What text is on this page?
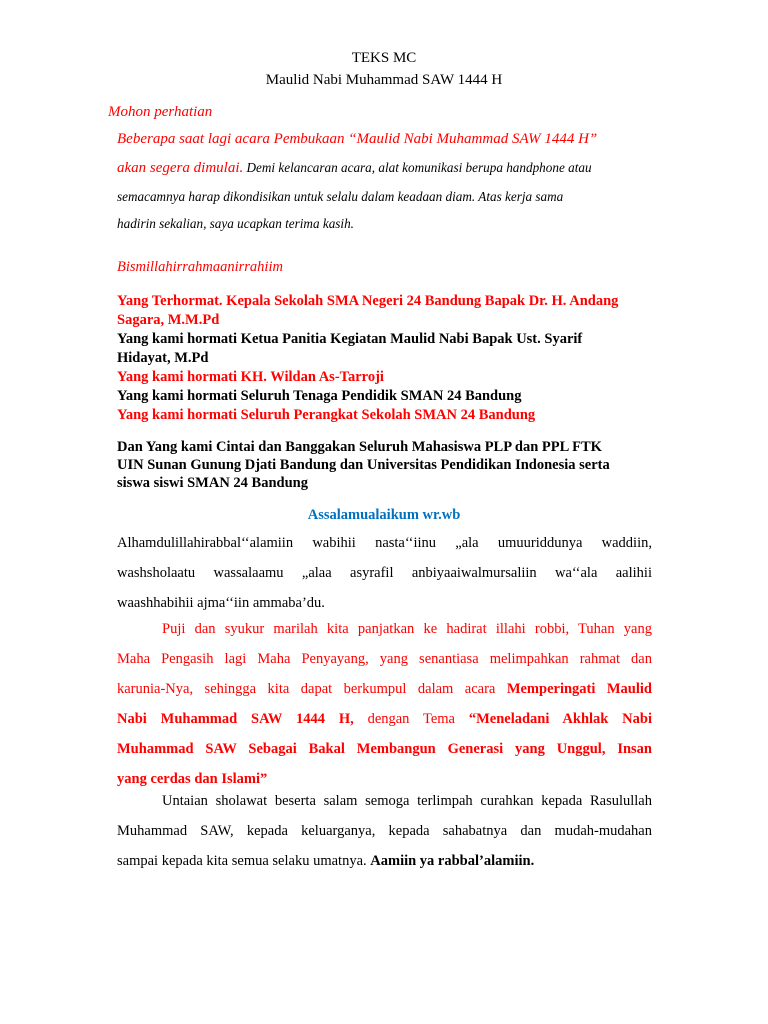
TEKS MC
Maulid Nabi Muhammad SAW 1444 H
Mohon perhatian
Beberapa saat lagi acara Pembukaan “Maulid Nabi Muhammad SAW 1444 H”
akan segera dimulai. Demi kelancaran acara, alat komunikasi berupa handphone atau
semacamnya harap dikondisikan untuk selalu dalam keadaan diam. Atas kerja sama
hadirin sekalian, saya ucapkan terima kasih.
Bismillahirrahmaanirrahiim
Yang Terhormat. Kepala Sekolah SMA Negeri 24 Bandung Bapak Dr. H. Andang
Sagara, M.M.Pd
Yang kami hormati Ketua Panitia Kegiatan Maulid Nabi Bapak Ust. Syarif
Hidayat, M.Pd
Yang kami hormati KH. Wildan As-Tarroji
Yang kami hormati Seluruh Tenaga Pendidik SMAN 24 Bandung
Yang kami hormati Seluruh Perangkat Sekolah SMAN 24 Bandung
Dan Yang kami Cintai dan Banggakan Seluruh Mahasiswa PLP dan PPL FTK
UIN Sunan Gunung Djati Bandung dan Universitas Pendidikan Indonesia serta
siswa siswi SMAN 24 Bandung
Assalamualaikum wr.wb
Alhamdulillahirabbal‘‘alamiin wabihii nasta‘‘iinu „ala umuuriddunya waddiin,
washsholaatu wassalaamu „alaa asyrafil anbiyaaiwalmursaliin wa‘‘ala aalihii
waashhabihii ajma‘‘iin ammaba’du.
Puji dan syukur marilah kita panjatkan ke hadirat illahi robbi, Tuhan yang
Maha Pengasih lagi Maha Penyayang, yang senantiasa melimpahkan rahmat dan
karunia-Nya, sehingga kita dapat berkumpul dalam acara Memperingati Maulid
Nabi Muhammad SAW 1444 H, dengan Tema “Meneladani Akhlak Nabi
Muhammad SAW Sebagai Bakal Membangun Generasi yang Unggul, Insan
yang cerdas dan Islami”
Untaian sholawat beserta salam semoga terlimpah curahkan kepada Rasulullah
Muhammad SAW, kepada keluarganya, kepada sahabatnya dan mudah-mudahan
sampai kepada kita semua selaku umatnya. Aamiin ya rabbal’alamiin.
